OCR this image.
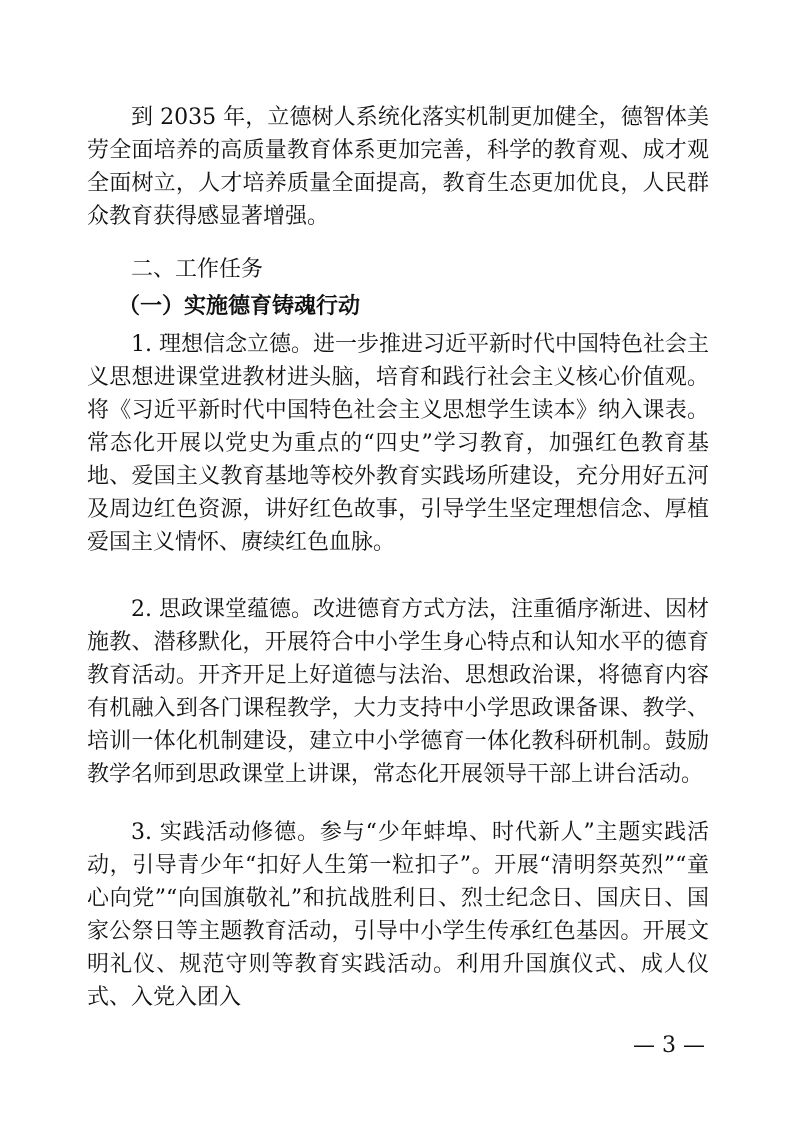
到 2035 年，立德树人系统化落实机制更加健全，德智体美劳全面培养的高质量教育体系更加完善，科学的教育观、成才观全面树立，人才培养质量全面提高，教育生态更加优良，人民群众教育获得感显著增强。

二、工作任务
（一）实施德育铸魂行动

1. 理想信念立德。进一步推进习近平新时代中国特色社会主义思想进课堂进教材进头脑，培育和践行社会主义核心价值观。将《习近平新时代中国特色社会主义思想学生读本》纳入课表。常态化开展以党史为重点的“四史”学习教育，加强红色教育基地、爱国主义教育基地等校外教育实践场所建设，充分用好五河及周边红色资源，讲好红色故事，引导学生坚定理想信念、厚植爱国主义情怀、赓续红色血脉。

2. 思政课堂蕴德。改进德育方式方法，注重循序渐进、因材施教、潜移默化，开展符合中小学生身心特点和认知水平的德育教育活动。开齐开足上好道德与法治、思想政治课，将德育内容有机融入到各门课程教学，大力支持中小学思政课备课、教学、培训一体化机制建设，建立中小学德育一体化教科研机制。鼓励教学名师到思政课堂上讲课，常态化开展领导干部上讲台活动。

3. 实践活动修德。参与“少年蚌埠、时代新人”主题实践活动，引导青少年“扣好人生第一粒扣子”。开展“清明祭英烈”“童心向党”“向国旗敬礼”和抗战胜利日、烈士纪念日、国庆日、国家公祭日等主题教育活动，引导中小学生传承红色基因。开展文明礼仪、规范守则等教育实践活动。利用升国旗仪式、成人仪式、入党入团入

— 3 —
